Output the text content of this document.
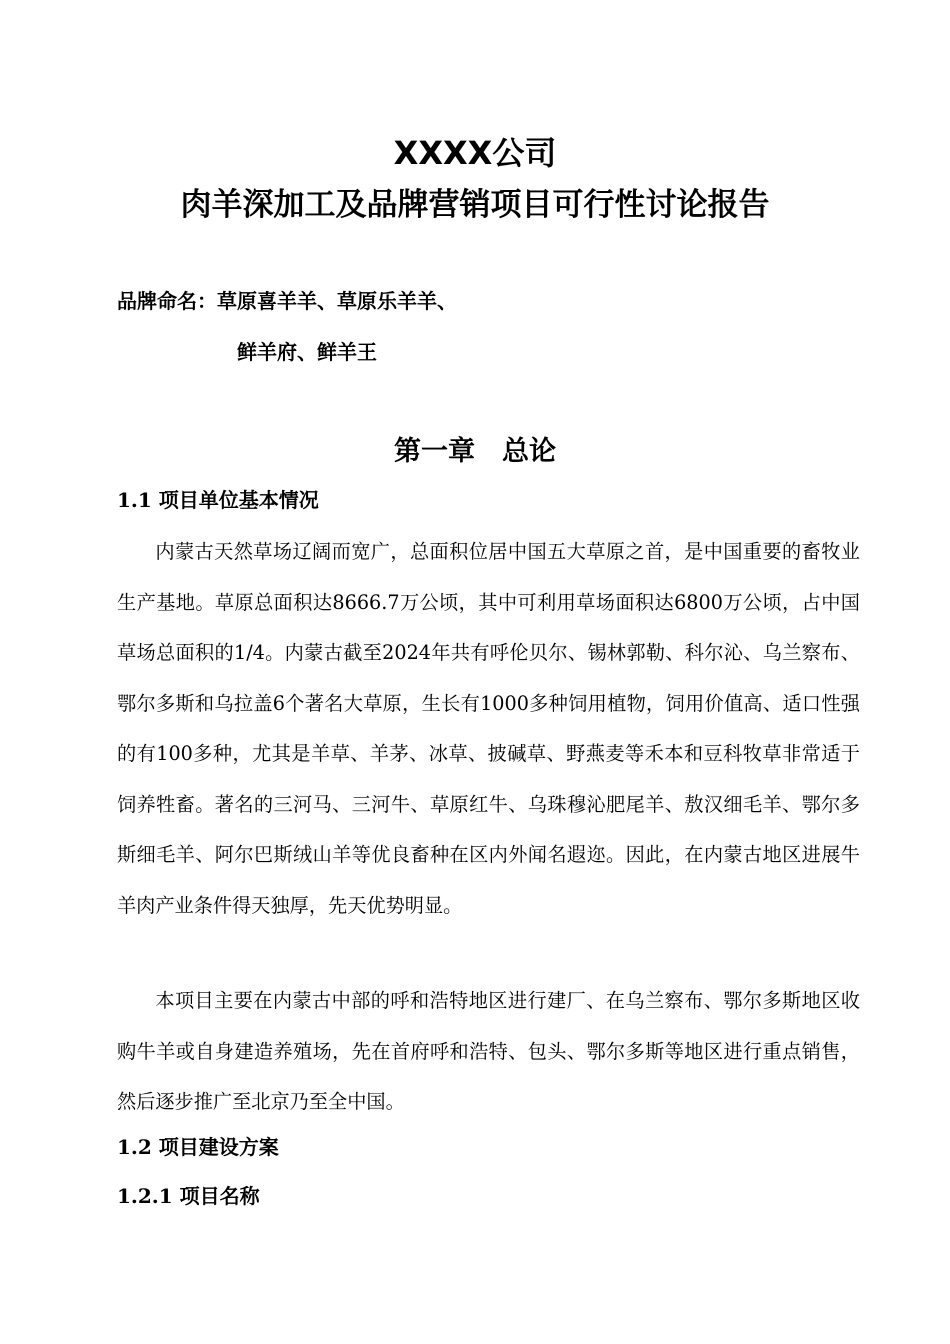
XXXX公司
肉羊深加工及品牌营销项目可行性讨论报告
品牌命名：草原喜羊羊、草原乐羊羊、
鲜羊府、鲜羊王
第一章　总论
1.1 项目单位基本情况

内蒙古天然草场辽阔而宽广，总面积位居中国五大草原之首，是中国重要的畜牧业生产基地。草原总面积达8666.7万公顷，其中可利用草场面积达6800万公顷，占中国草场总面积的1/4。内蒙古截至2024年共有呼伦贝尔、锡林郭勒、科尔沁、乌兰察布、鄂尔多斯和乌拉盖6个著名大草原，生长有1000多种饲用植物，饲用价值高、适口性强的有100多种，尤其是羊草、羊茅、冰草、披碱草、野燕麦等禾本和豆科牧草非常适于饲养牲畜。著名的三河马、三河牛、草原红牛、乌珠穆沁肥尾羊、敖汉细毛羊、鄂尔多斯细毛羊、阿尔巴斯绒山羊等优良畜种在区内外闻名遐迩。因此，在内蒙古地区进展牛羊肉产业条件得天独厚，先天优势明显。

本项目主要在内蒙古中部的呼和浩特地区进行建厂、在乌兰察布、鄂尔多斯地区收购牛羊或自身建造养殖场，先在首府呼和浩特、包头、鄂尔多斯等地区进行重点销售，然后逐步推广至北京乃至全中国。

1.2 项目建设方案
1.2.1 项目名称
